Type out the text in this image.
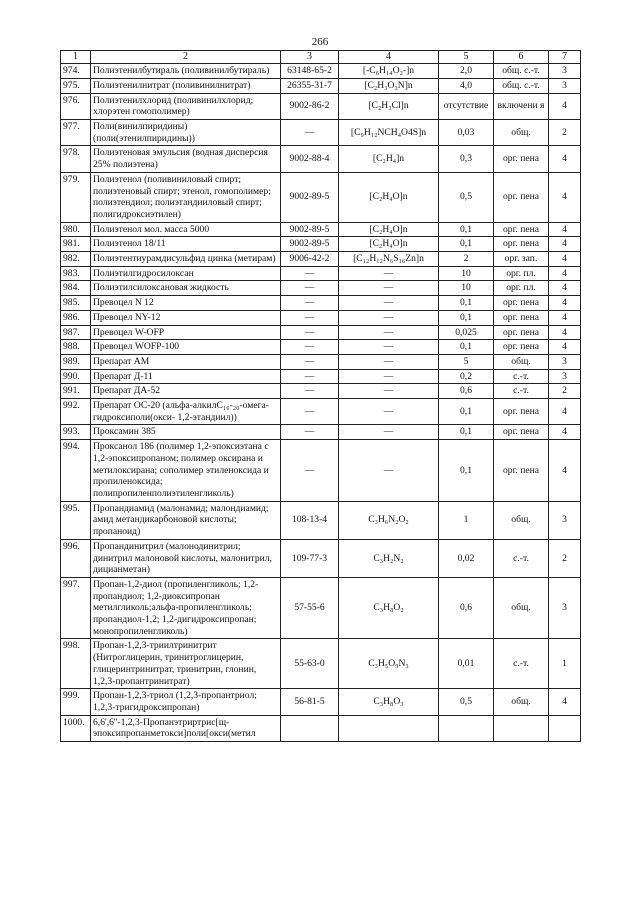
266
1	2	3	4	5	6	7
974.	Полиэтенилбутираль (поливинилбутираль)	63148-65-2	[-C₆H₁₄O₂-]n	2,0	общ. с.-т.	3
975.	Полиэтенилнитрат (поливинилнитрат)	26355-31-7	[C₂H₃O₃N]n	4,0	общ. с.-т.	3
976.	Полиэтенилхлорид (поливинилхлорид; хлорэтен гомополимер)	9002-86-2	[C₂H₃Cl]n	отсутствие	включени я	4
977.	Поли(винилпиридины) (поли(этенилпиридины))	—	[C₉H₁₂NCH₄O4S]n	0,03	общ.	2
978.	Полиэтеновая эмульсия (водная дисперсия 25% полиэтена)	9002-88-4	[C₂H₄]n	0,3	орг. пена	4
979.	Полиэтенол (поливиниловый спирт; полиэтеновый спирт; этенол, гомополимер; полиэтендиол; полиэтандииловый спирт; полигидроксиэтилен)	9002-89-5	[C₂H₄O]n	0,5	орг. пена	4
980.	Полиэтенол мол. масса 5000	9002-89-5	[C₂H₄O]n	0,1	орг. пена	4
981.	Полиэтенол 18/11	9002-89-5	[C₂H₄O]n	0,1	орг. пена	4
982.	Полиэтентиурамдисульфид цинка (метирам)	9006-42-2	[C₁₂H₁₂N₆S₁₆Zn]n	2	орг. зап.	4
983.	Полиэтилгидросилоксан	—	—	10	орг. пл.	4
984.	Полиэтилсилоксановая жидкость	—	—	10	орг. пл.	4
985.	Превоцел N 12	—	—	0,1	орг. пена	4
986.	Превоцел NY-12	—	—	0,1	орг. пена	4
987.	Превоцел W-OFP	—	—	0,025	орг. пена	4
988.	Превоцел WOFP-100	—	—	0,1	орг. пена	4
989.	Препарат АМ	—	—	5	общ.	3
990.	Препарат Д-11	—	—	0,2	с.-т.	3
991.	Препарат ДА-52	—	—	0,6	с.-т.	2
992.	Препарат ОС-20 (альфа-алкилС₁₆-₂₀-омега-гидроксиполи(окси- 1,2-этандиил))	—	—	0,1	орг. пена	4
993.	Проксамин 385	—	—	0,1	орг. пена	4
994.	Проксанол 186 (полимер 1,2-эпоксиэтана с 1,2-эпоксипропаном; полимер оксирана и метилоксирана; сополимер этиленоксида и пропиленоксида; полипропиленполиэтиленгликоль)	—	—	0,1	орг. пена	4
995.	Пропандиамид (малонамид; малондиамид; амид метандикарбоновой кислоты; пропаноид)	108-13-4	C₃H₆N₂O₂	1	общ.	3
996.	Пропандинитрил (малонодинитрил; динитрил малоновой кислоты, малонитрил, дицианметан)	109-77-3	C₃H₂N₂	0,02	с.-т.	2
997.	Пропан-1,2-диол (пропиленгликоль; 1,2-пропандиол; 1,2-диоксипропан метилгликоль;альфа-пропиленгликоль; пропандиол-1,2; 1,2-дигидроксипропан; монопропиленгликоль)	57-55-6	C₃H₈O₂	0,6	общ.	3
998.	Пропан-1,2,3-триилтринитрит (Нитроглицерин, тринитроглицерин, глицеринтринитрат, тринитрин, глонин, 1,2,3-пропантринитрат)	55-63-0	C₃H₅O₉N₃	0,01	с.-т.	1
999.	Пропан-1,2,3-триол (1,2,3-пропантриол; 1,2,3-тригидроксипропан)	56-81-5	C₃H₈O₃	0,5	общ.	4
1000.	6,6',6''-1,2,3-Пропанэтриртрис[щ-эпоксипропанметокси]поли[окси(метил					
